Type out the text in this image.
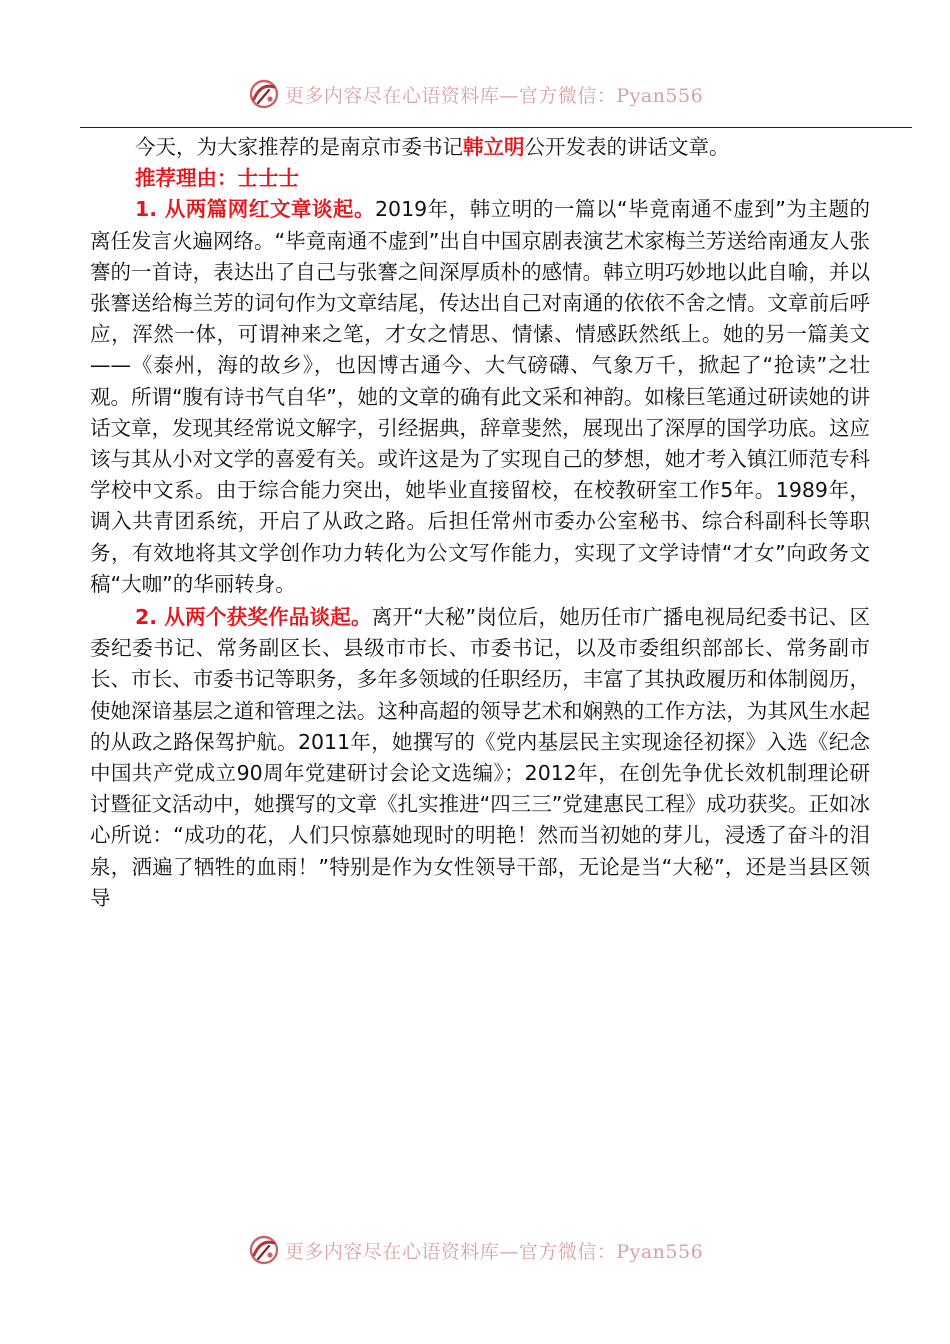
更多内容尽在心语资料库—官方微信：Pyan556

今天，为大家推荐的是南京市委书记韩立明公开发表的讲话文章。

推荐理由：士士士

1. 从两篇网红文章谈起。2019年，韩立明的一篇以“毕竟南通不虚到”为主题的离任发言火遍网络。“毕竟南通不虚到”出自中国京剧表演艺术家梅兰芳送给南通友人张謇的一首诗，表达出了自己与张謇之间深厚质朴的感情。韩立明巧妙地以此自喻，并以张謇送给梅兰芳的词句作为文章结尾，传达出自己对南通的依依不舍之情。文章前后呼应，浑然一体，可谓神来之笔，才女之情思、情愫、情感跃然纸上。她的另一篇美文——《泰州，海的故乡》，也因博古通今、大气磅礴、气象万千，掀起了“抢读”之壮观。所谓“腹有诗书气自华”，她的文章的确有此文采和神韵。如椽巨笔通过研读她的讲话文章，发现其经常说文解字，引经据典，辞章斐然，展现出了深厚的国学功底。这应该与其从小对文学的喜爱有关。或许这是为了实现自己的梦想，她才考入镇江师范专科学校中文系。由于综合能力突出，她毕业直接留校，在校教研室工作5年。1989年，调入共青团系统，开启了从政之路。后担任常州市委办公室秘书、综合科副科长等职务，有效地将其文学创作功力转化为公文写作能力，实现了文学诗情“才女”向政务文稿“大咖”的华丽转身。

2. 从两个获奖作品谈起。离开“大秘”岗位后，她历任市广播电视局纪委书记、区委纪委书记、常务副区长、县级市市长、市委书记，以及市委组织部部长、常务副市长、市长、市委书记等职务，多年多领域的任职经历，丰富了其执政履历和体制阅历，使她深谙基层之道和管理之法。这种高超的领导艺术和娴熟的工作方法，为其风生水起的从政之路保驾护航。2011年，她撰写的《党内基层民主实现途径初探》入选《纪念中国共产党成立90周年党建研讨会论文选编》；2012年，在创先争优长效机制理论研讨暨征文活动中，她撰写的文章《扎实推进“四三三”党建惠民工程》成功获奖。正如冰心所说：“成功的花，人们只惊慕她现时的明艳！然而当初她的芽儿，浸透了奋斗的泪泉，洒遍了牺牲的血雨！”特别是作为女性领导干部，无论是当“大秘”，还是当县区领导

更多内容尽在心语资料库—官方微信：Pyan556
